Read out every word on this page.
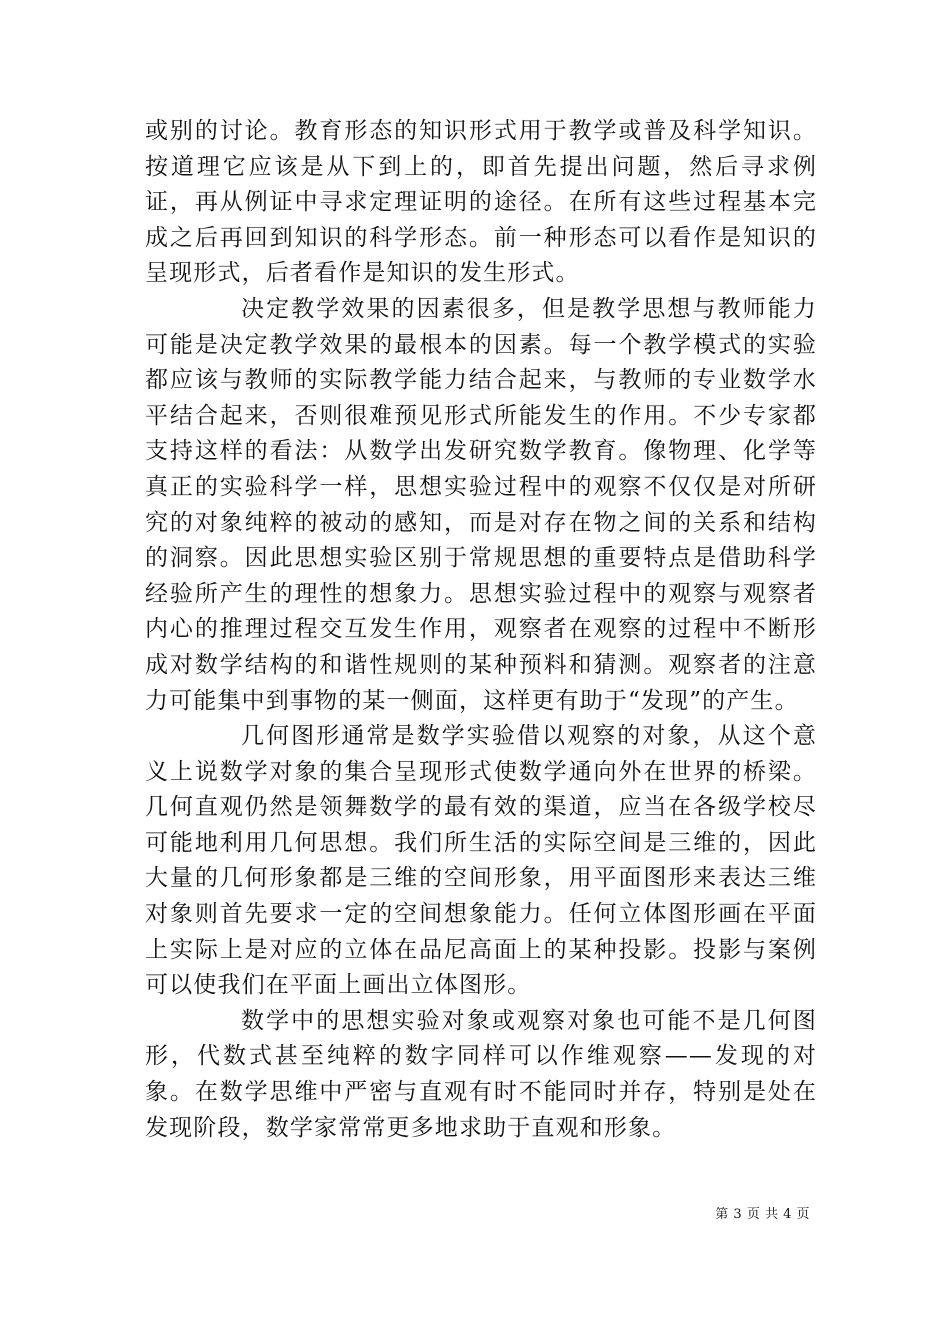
或别的讨论。教育形态的知识形式用于教学或普及科学知识。按道理它应该是从下到上的，即首先提出问题，然后寻求例证，再从例证中寻求定理证明的途径。在所有这些过程基本完成之后再回到知识的科学形态。前一种形态可以看作是知识的呈现形式，后者看作是知识的发生形式。

决定教学效果的因素很多，但是教学思想与教师能力可能是决定教学效果的最根本的因素。每一个教学模式的实验都应该与教师的实际教学能力结合起来，与教师的专业数学水平结合起来，否则很难预见形式所能发生的作用。不少专家都支持这样的看法：从数学出发研究数学教育。像物理、化学等真正的实验科学一样，思想实验过程中的观察不仅仅是对所研究的对象纯粹的被动的感知，而是对存在物之间的关系和结构的洞察。因此思想实验区别于常规思想的重要特点是借助科学经验所产生的理性的想象力。思想实验过程中的观察与观察者内心的推理过程交互发生作用，观察者在观察的过程中不断形成对数学结构的和谐性规则的某种预料和猜测。观察者的注意力可能集中到事物的某一侧面，这样更有助于“发现”的产生。

几何图形通常是数学实验借以观察的对象，从这个意义上说数学对象的集合呈现形式使数学通向外在世界的桥梁。几何直观仍然是领舞数学的最有效的渠道，应当在各级学校尽可能地利用几何思想。我们所生活的实际空间是三维的，因此大量的几何形象都是三维的空间形象，用平面图形来表达三维对象则首先要求一定的空间想象能力。任何立体图形画在平面上实际上是对应的立体在品尼高面上的某种投影。投影与案例可以使我们在平面上画出立体图形。

数学中的思想实验对象或观察对象也可能不是几何图形，代数式甚至纯粹的数字同样可以作维观察——发现的对象。在数学思维中严密与直观有时不能同时并存，特别是处在发现阶段，数学家常常更多地求助于直观和形象。

第 3 页 共 4 页
